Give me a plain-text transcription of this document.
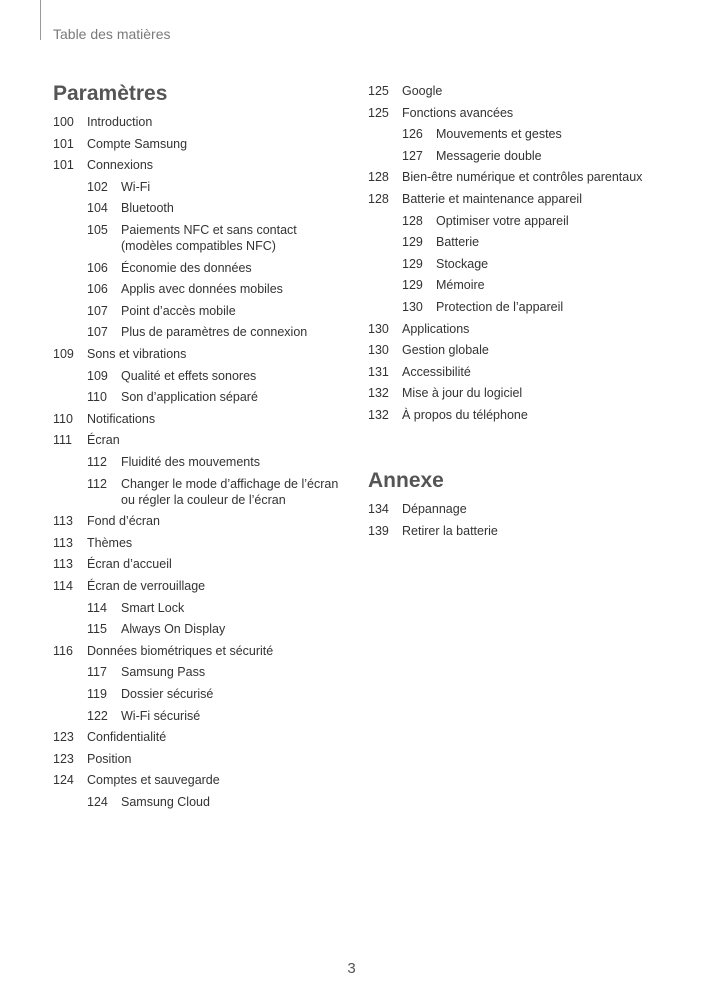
Table des matières
Paramètres
100	Introduction
101	Compte Samsung
101	Connexions
102	Wi-Fi
104	Bluetooth
105	Paiements NFC et sans contact
(modèles compatibles NFC)
106	Économie des données
106	Applis avec données mobiles
107	Point d’accès mobile
107	Plus de paramètres de connexion
109	Sons et vibrations
109	Qualité et effets sonores
110	Son d’application séparé
110	Notifications
111	Écran
112	Fluidité des mouvements
112	Changer le mode d’affichage de l’écran
ou régler la couleur de l’écran
113	Fond d’écran
113	Thèmes
113	Écran d’accueil
114	Écran de verrouillage
114	Smart Lock
115	Always On Display
116	Données biométriques et sécurité
117	Samsung Pass
119	Dossier sécurisé
122	Wi-Fi sécurisé
123	Confidentialité
123	Position
124	Comptes et sauvegarde
124	Samsung Cloud
125	Google
125	Fonctions avancées
126	Mouvements et gestes
127	Messagerie double
128	Bien-être numérique et contrôles parentaux
128	Batterie et maintenance appareil
128	Optimiser votre appareil
129	Batterie
129	Stockage
129	Mémoire
130	Protection de l’appareil
130	Applications
130	Gestion globale
131	Accessibilité
132	Mise à jour du logiciel
132	À propos du téléphone
Annexe
134	Dépannage
139	Retirer la batterie
3
